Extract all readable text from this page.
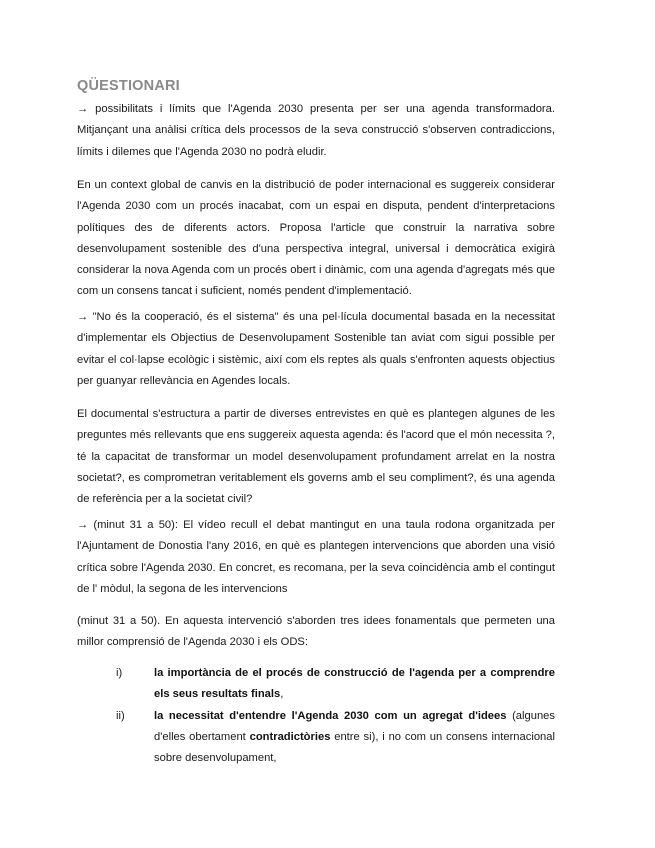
QÜESTIONARI

→ possibilitats i límits que l'Agenda 2030 presenta per ser una agenda transformadora. Mitjançant una anàlisi crítica dels processos de la seva construcció s'observen contradiccions, límits i dilemes que l'Agenda 2030 no podrà eludir.

En un context global de canvis en la distribució de poder internacional es suggereix considerar l'Agenda 2030 com un procés inacabat, com un espai en disputa, pendent d'interpretacions polítiques des de diferents actors. Proposa l'article que construir la narrativa sobre desenvolupament sostenible des d'una perspectiva integral, universal i democràtica exigirà considerar la nova Agenda com un procés obert i dinàmic, com una agenda d'agregats més que com un consens tancat i suficient, només pendent d'implementació.

→ "No és la cooperació, és el sistema" és una pel·lícula documental basada en la necessitat d'implementar els Objectius de Desenvolupament Sostenible tan aviat com sigui possible per evitar el col·lapse ecològic i sistèmic, així com els reptes als quals s'enfronten aquests objectius per guanyar rellevància en Agendes locals.

El documental s'estructura a partir de diverses entrevistes en què es plantegen algunes de les preguntes més rellevants que ens suggereix aquesta agenda: és l'acord que el món necessita ?, té la capacitat de transformar un model desenvolupament profundament arrelat en la nostra societat?, es comprometran veritablement els governs amb el seu compliment?, és una agenda de referència per a la societat civil?

→ (minut 31 a 50): El vídeo recull el debat mantingut en una taula rodona organitzada per l'Ajuntament de Donostia l'any 2016, en què es plantegen intervencions que aborden una visió crítica sobre l'Agenda 2030. En concret, es recomana, per la seva coincidència amb el contingut de l' mòdul, la segona de les intervencions

(minut 31 a 50). En aquesta intervenció s'aborden tres idees fonamentals que permeten una millor comprensió de l'Agenda 2030 i els ODS:

i)	la importància de el procés de construcció de l'agenda per a comprendre els seus resultats finals,
ii)	la necessitat d'entendre l'Agenda 2030 com un agregat d'idees (algunes d'elles obertament contradictòries entre si), i no com un consens internacional sobre desenvolupament,
